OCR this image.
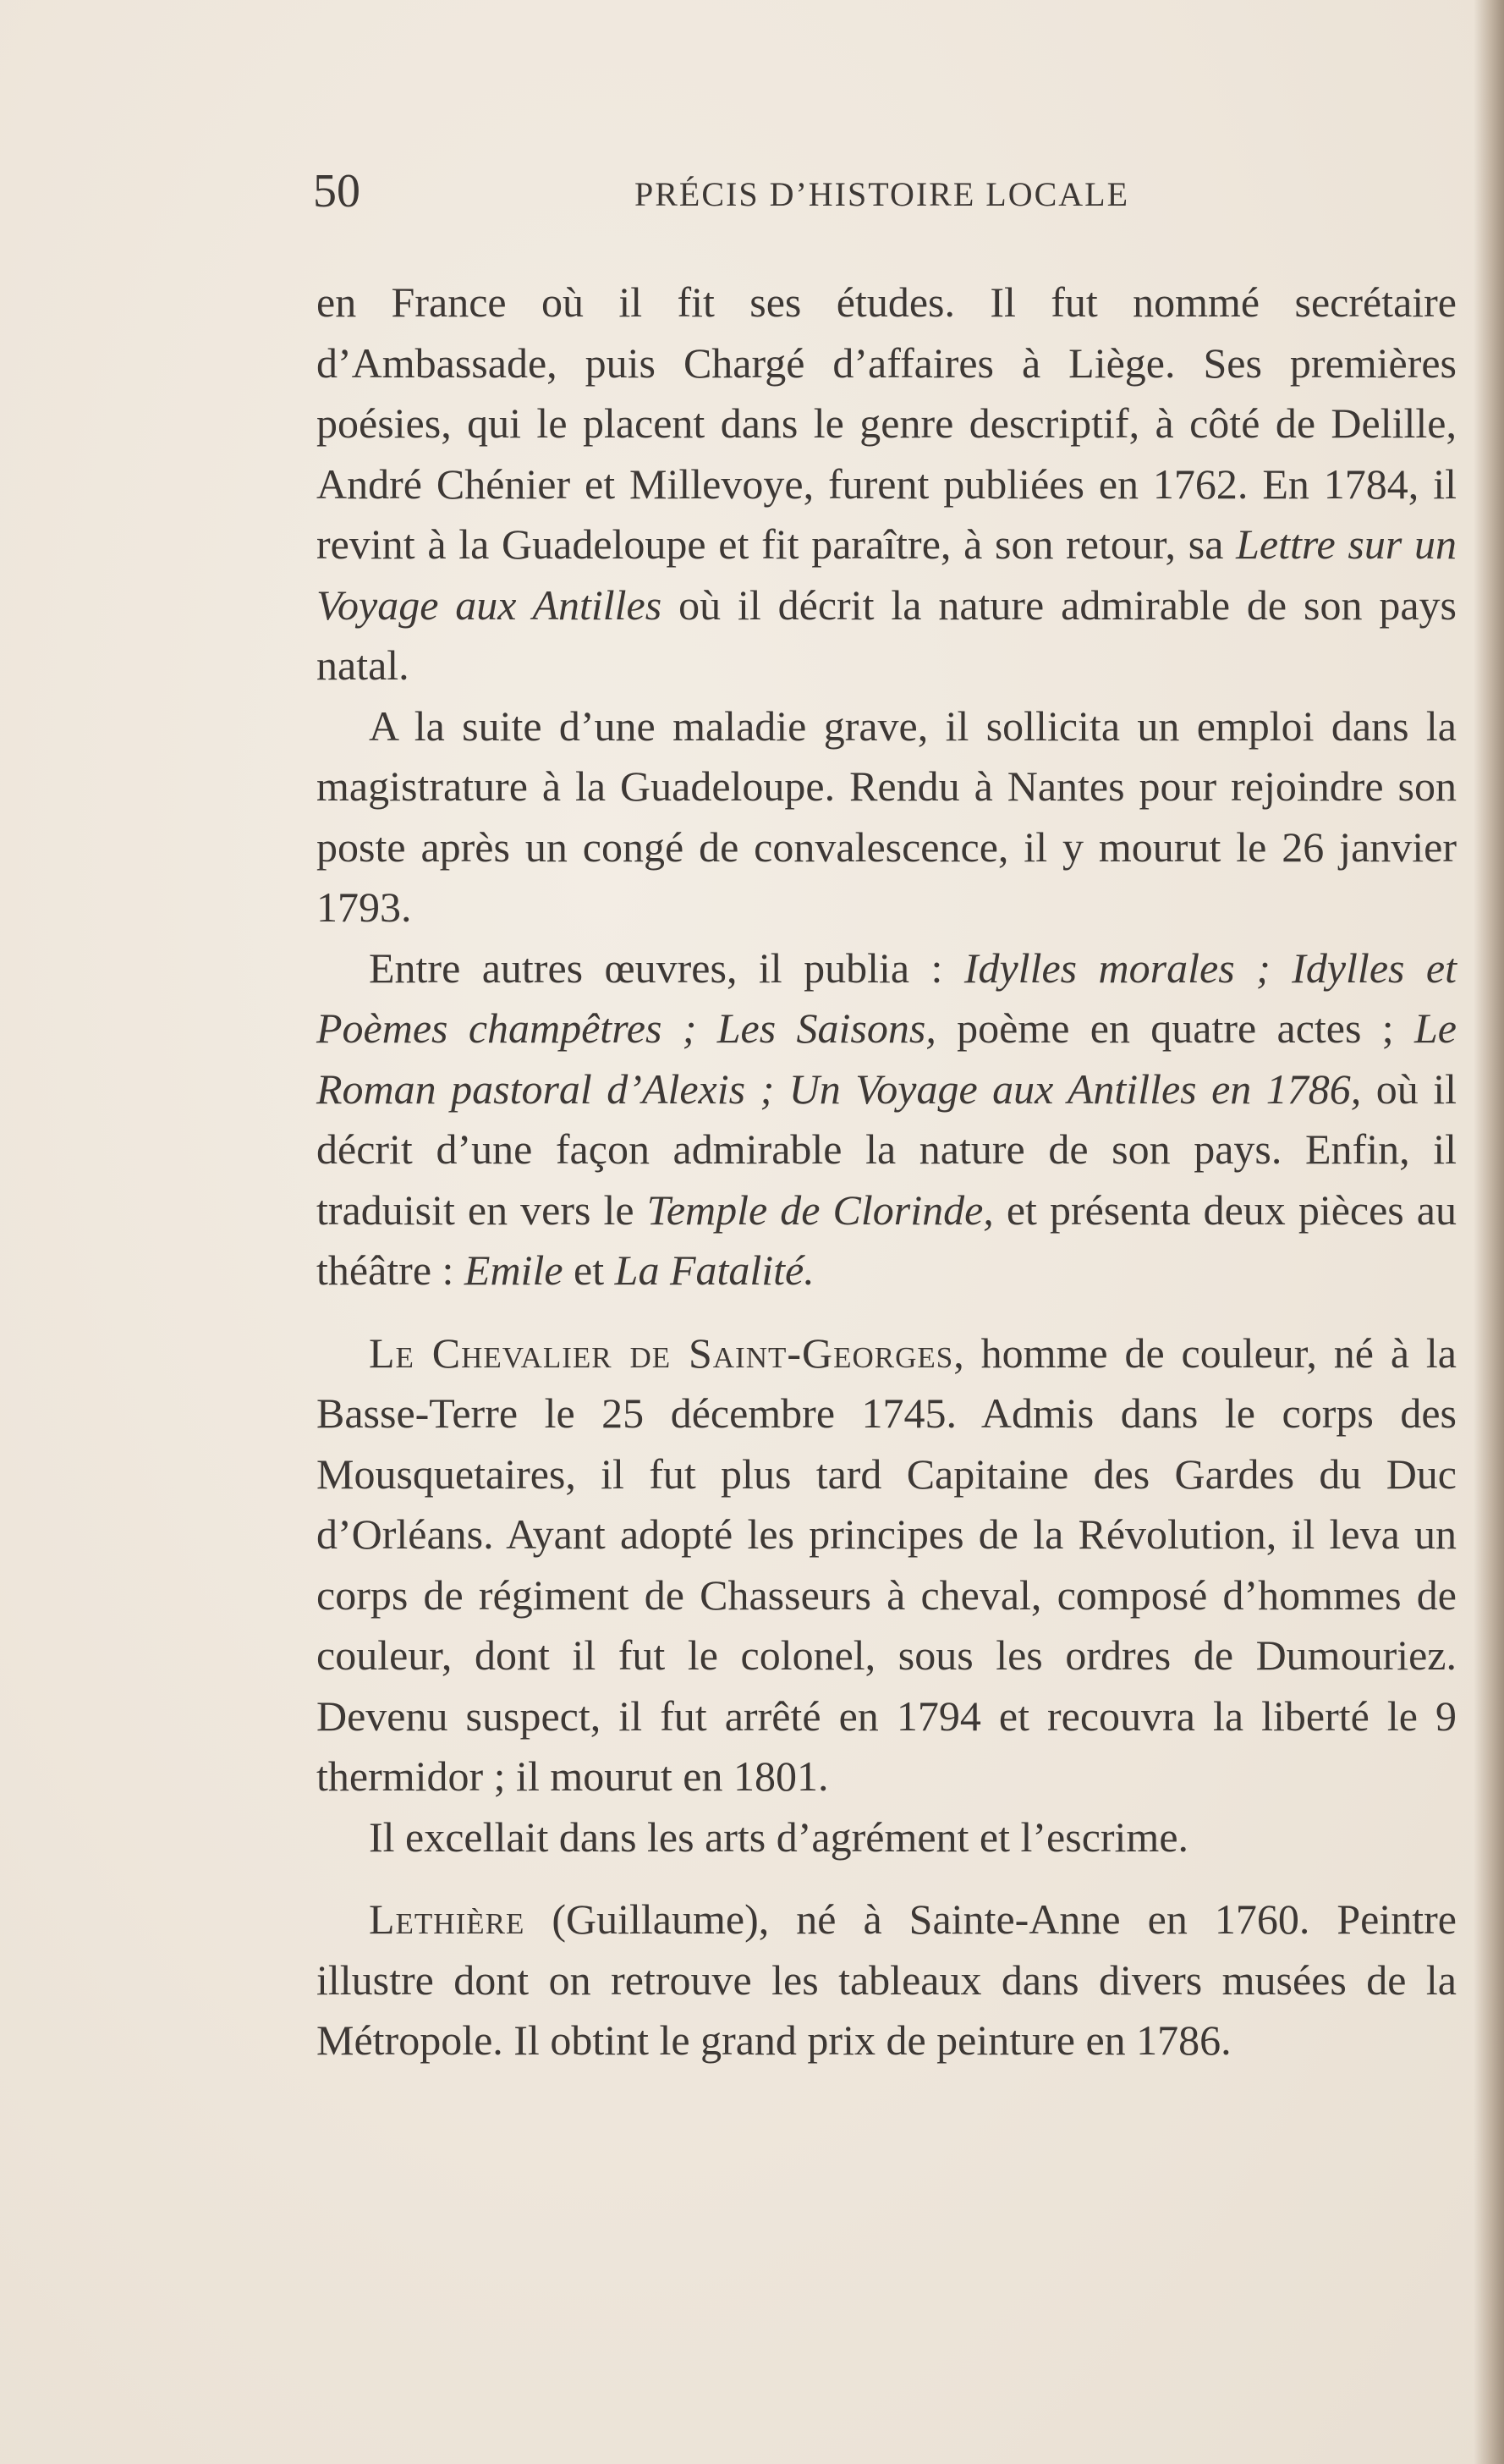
50	PRÉCIS D’HISTOIRE LOCALE

en France où il fit ses études. Il fut nommé secrétaire d’Ambassade, puis Chargé d’affaires à Liège. Ses premières poésies, qui le placent dans le genre descriptif, à côté de Delille, André Chénier et Millevoye, furent publiées en 1762. En 1784, il revint à la Guadeloupe et fit paraître, à son retour, sa Lettre sur un Voyage aux Antilles où il décrit la nature admirable de son pays natal.

A la suite d’une maladie grave, il sollicita un emploi dans la magistrature à la Guadeloupe. Rendu à Nantes pour rejoindre son poste après un congé de convalescence, il y mourut le 26 janvier 1793.

Entre autres œuvres, il publia : Idylles morales ; Idylles et Poèmes champêtres ; Les Saisons, poème en quatre actes ; Le Roman pastoral d’Alexis ; Un Voyage aux Antilles en 1786, où il décrit d’une façon admirable la nature de son pays. Enfin, il traduisit en vers le Temple de Clorinde, et présenta deux pièces au théâtre : Emile et La Fatalité.

Le Chevalier de Saint-Georges, homme de couleur, né à la Basse-Terre le 25 décembre 1745. Admis dans le corps des Mousquetaires, il fut plus tard Capitaine des Gardes du Duc d’Orléans. Ayant adopté les principes de la Révolution, il leva un corps de régiment de Chasseurs à cheval, composé d’hommes de couleur, dont il fut le colonel, sous les ordres de Dumouriez. Devenu suspect, il fut arrêté en 1794 et recouvra la liberté le 9 thermidor ; il mourut en 1801.

Il excellait dans les arts d’agrément et l’escrime.

Lethière (Guillaume), né à Sainte-Anne en 1760. Peintre illustre dont on retrouve les tableaux dans divers musées de la Métropole. Il obtint le grand prix de peinture en 1786.
